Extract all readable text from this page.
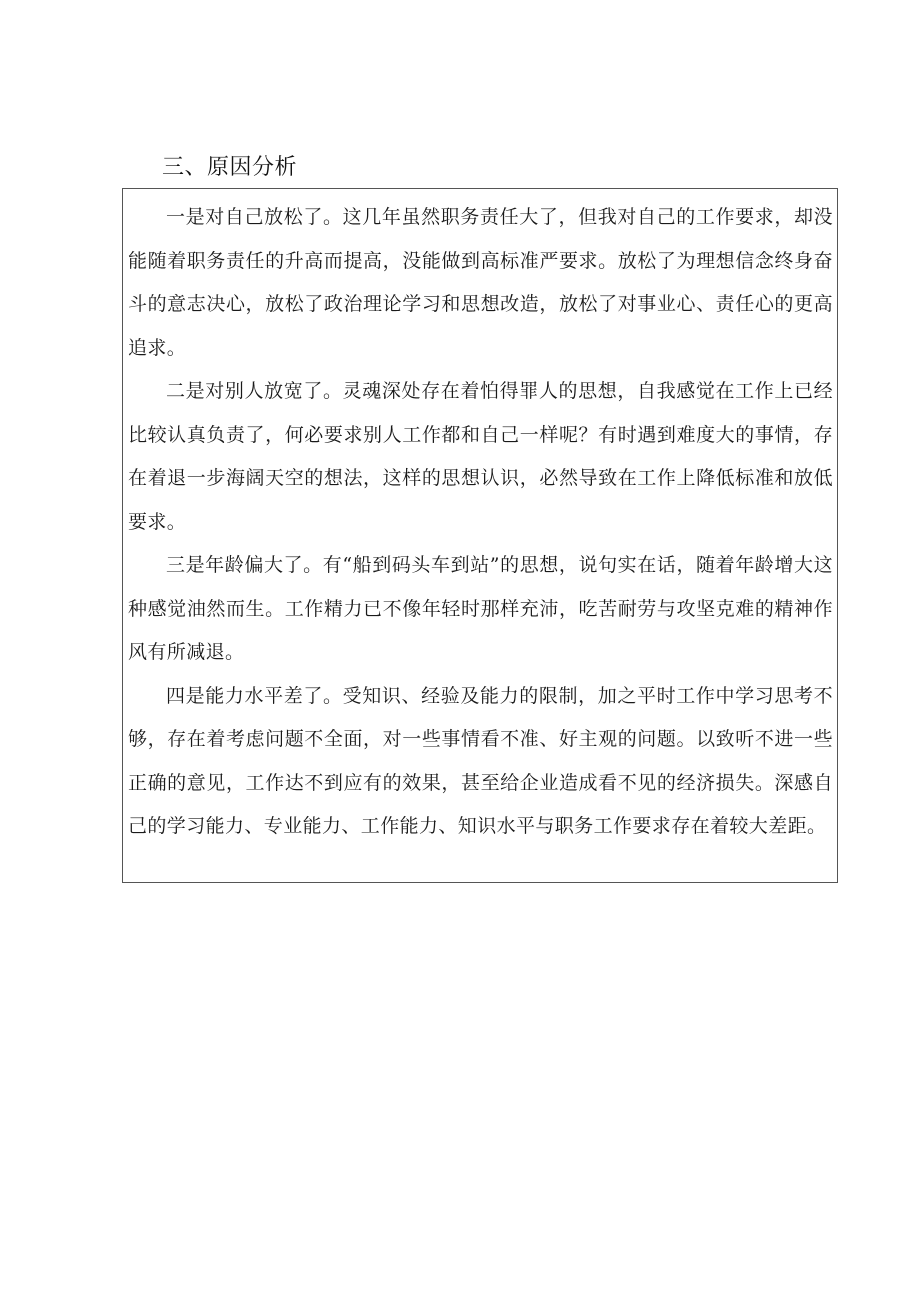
三、原因分析

一是对自己放松了。这几年虽然职务责任大了，但我对自己的工作要求，却没能随着职务责任的升高而提高，没能做到高标准严要求。放松了为理想信念终身奋斗的意志决心，放松了政治理论学习和思想改造，放松了对事业心、责任心的更高追求。

二是对别人放宽了。灵魂深处存在着怕得罪人的思想，自我感觉在工作上已经比较认真负责了，何必要求别人工作都和自己一样呢？有时遇到难度大的事情，存在着退一步海阔天空的想法，这样的思想认识，必然导致在工作上降低标准和放低要求。

三是年龄偏大了。有“船到码头车到站”的思想，说句实在话，随着年龄增大这种感觉油然而生。工作精力已不像年轻时那样充沛，吃苦耐劳与攻坚克难的精神作风有所减退。

四是能力水平差了。受知识、经验及能力的限制，加之平时工作中学习思考不够，存在着考虑问题不全面，对一些事情看不准、好主观的问题。以致听不进一些正确的意见，工作达不到应有的效果，甚至给企业造成看不见的经济损失。深感自己的学习能力、专业能力、工作能力、知识水平与职务工作要求存在着较大差距。
